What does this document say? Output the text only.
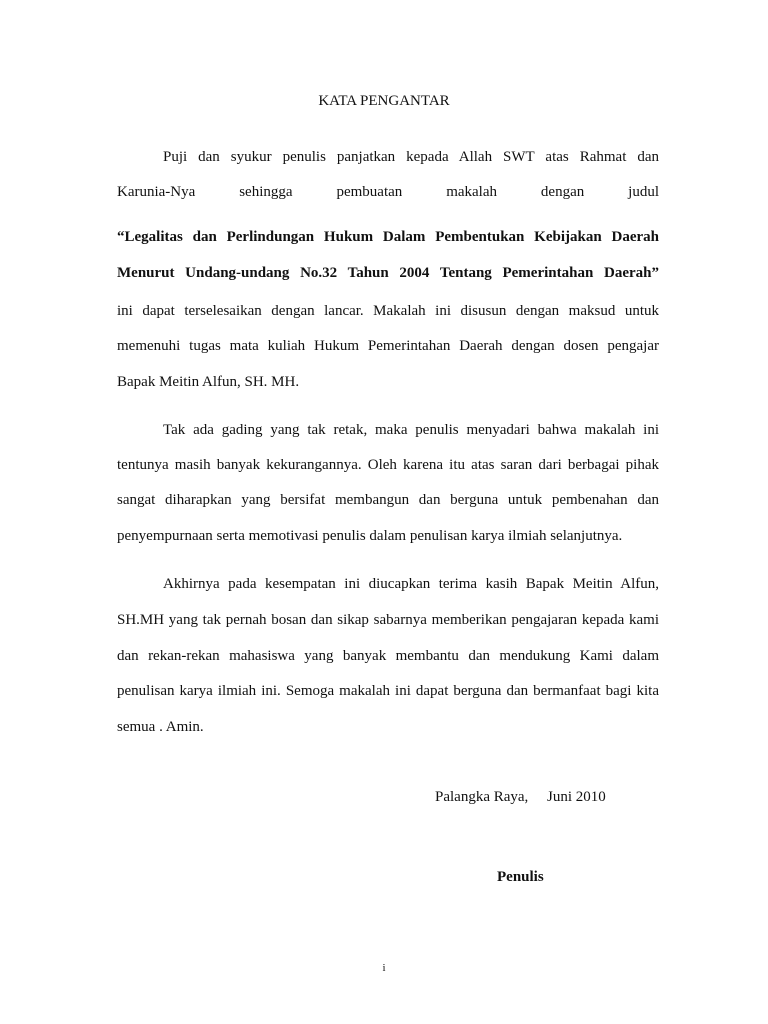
KATA PENGANTAR
Puji dan syukur penulis panjatkan kepada Allah SWT atas Rahmat dan
Karunia-Nya sehingga pembuatan makalah dengan judul
“Legalitas dan Perlindungan Hukum Dalam Pembentukan Kebijakan Daerah
Menurut Undang-undang No.32 Tahun 2004 Tentang Pemerintahan Daerah”
ini dapat terselesaikan dengan lancar. Makalah ini disusun dengan maksud untuk
memenuhi tugas mata kuliah Hukum Pemerintahan Daerah dengan dosen pengajar
Bapak Meitin Alfun, SH. MH.
Tak ada gading yang tak retak, maka penulis menyadari bahwa makalah ini
tentunya masih banyak kekurangannya. Oleh karena itu atas saran dari berbagai pihak
sangat diharapkan yang bersifat membangun dan berguna untuk pembenahan dan
penyempurnaan serta memotivasi penulis dalam penulisan karya ilmiah selanjutnya.
Akhirnya pada kesempatan ini diucapkan terima kasih Bapak Meitin Alfun,
SH.MH yang tak pernah bosan dan sikap sabarnya memberikan pengajaran kepada kami
dan rekan-rekan mahasiswa yang banyak membantu dan mendukung Kami dalam
penulisan karya ilmiah ini. Semoga makalah ini dapat berguna dan bermanfaat bagi kita
semua . Amin.
Palangka Raya,     Juni 2010
Penulis
i
